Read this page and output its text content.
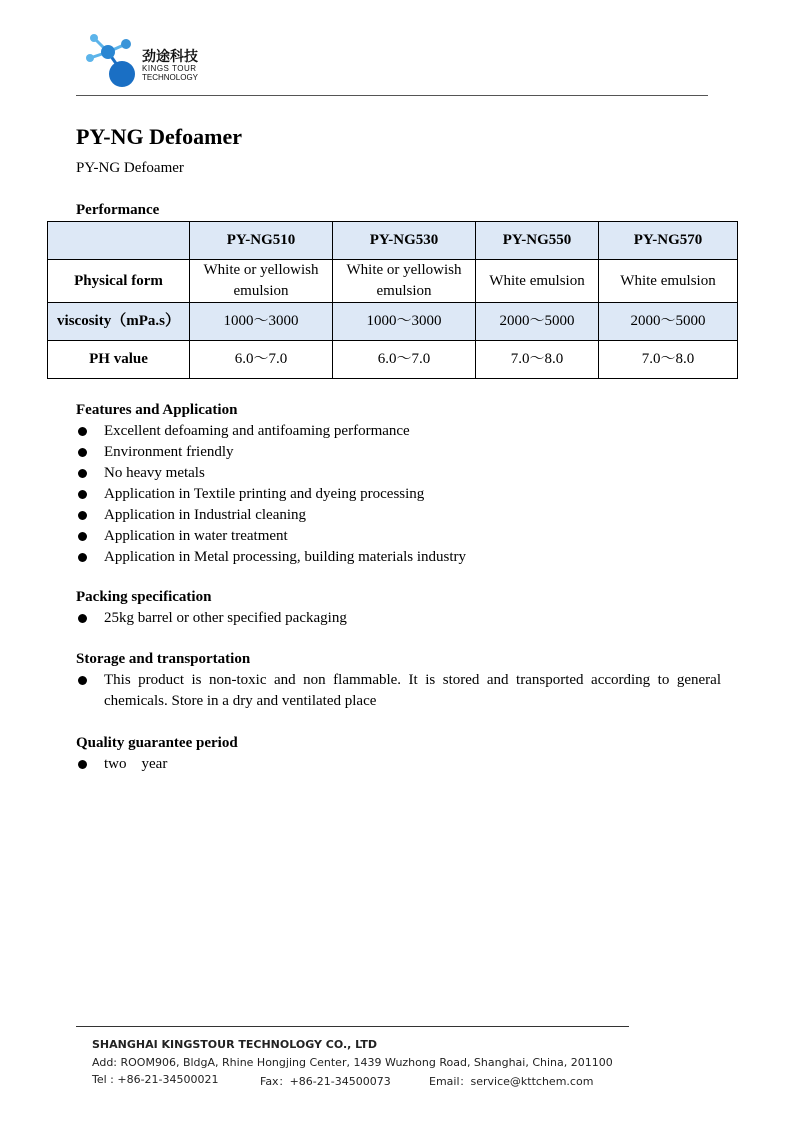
劲途科技
KINGS TOUR
TECHNOLOGY
PY-NG Defoamer
PY-NG Defoamer
Performance
	PY-NG510	PY-NG530	PY-NG550	PY-NG570
Physical form	White or yellowish emulsion	White or yellowish emulsion	White emulsion	White emulsion
viscosity（mPa.s）	1000～3000	1000～3000	2000～5000	2000～5000
PH value	6.0～7.0	6.0～7.0	7.0～8.0	7.0～8.0
Features and Application
Excellent defoaming and antifoaming performance
Environment friendly
No heavy metals
Application in Textile printing and dyeing processing
Application in Industrial cleaning
Application in water treatment
Application in Metal processing, building materials industry
Packing specification
25kg barrel or other specified packaging
Storage and transportation
This product is non-toxic and non flammable. It is stored and transported according to general chemicals. Store in a dry and ventilated place
Quality guarantee period
two    year
SHANGHAI KINGSTOUR TECHNOLOGY CO., LTD
Add: ROOM906, BldgA, Rhine Hongjing Center, 1439 Wuzhong Road, Shanghai, China, 201100
Tel : +86-21-34500021	Fax：+86-21-34500073	Email：service@kttchem.com
